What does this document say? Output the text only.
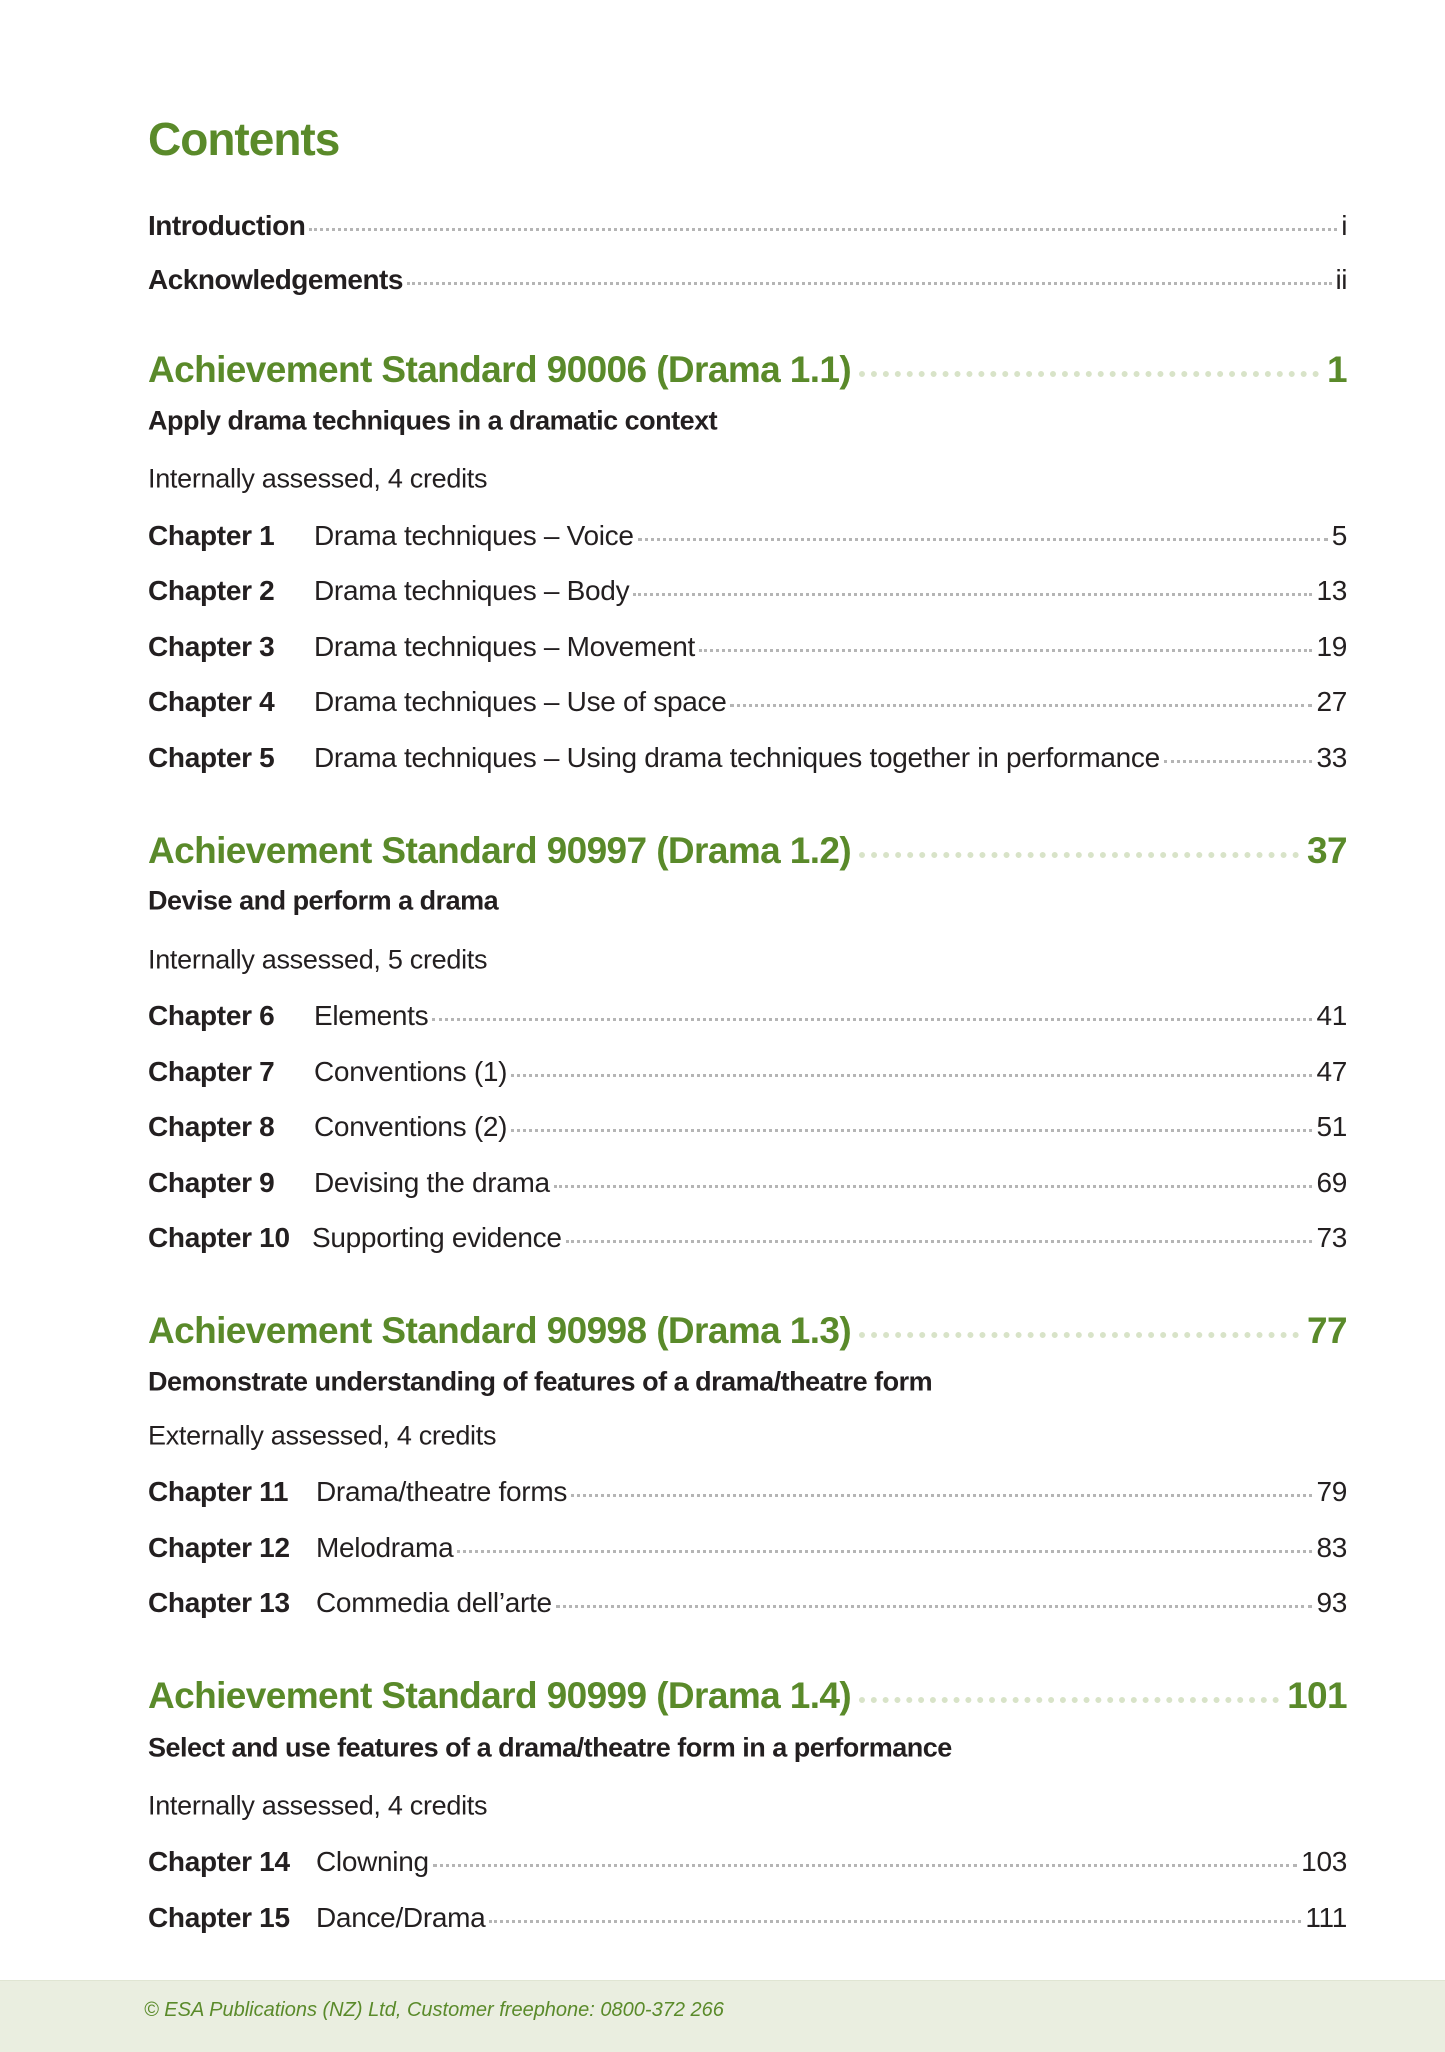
Contents
Introduction	i
Acknowledgements	ii
Achievement Standard 90006 (Drama 1.1)	1
Apply drama techniques in a dramatic context
Internally assessed, 4 credits
Chapter 1	Drama techniques – Voice	5
Chapter 2	Drama techniques – Body	13
Chapter 3	Drama techniques – Movement	19
Chapter 4	Drama techniques – Use of space	27
Chapter 5	Drama techniques – Using drama techniques together in performance	33
Achievement Standard 90997 (Drama 1.2)	37
Devise and perform a drama
Internally assessed, 5 credits
Chapter 6	Elements	41
Chapter 7	Conventions (1)	47
Chapter 8	Conventions (2)	51
Chapter 9	Devising the drama	69
Chapter 10 Supporting evidence	73
Achievement Standard 90998 (Drama 1.3)	77
Demonstrate understanding of features of a drama/theatre form
Externally assessed, 4 credits
Chapter 11 Drama/theatre forms	79
Chapter 12 Melodrama	83
Chapter 13 Commedia dell’arte	93
Achievement Standard 90999 (Drama 1.4)	101
Select and use features of a drama/theatre form in a performance
Internally assessed, 4 credits
Chapter 14 Clowning	103
Chapter 15 Dance/Drama	111
© ESA Publications (NZ) Ltd, Customer freephone: 0800-372 266
